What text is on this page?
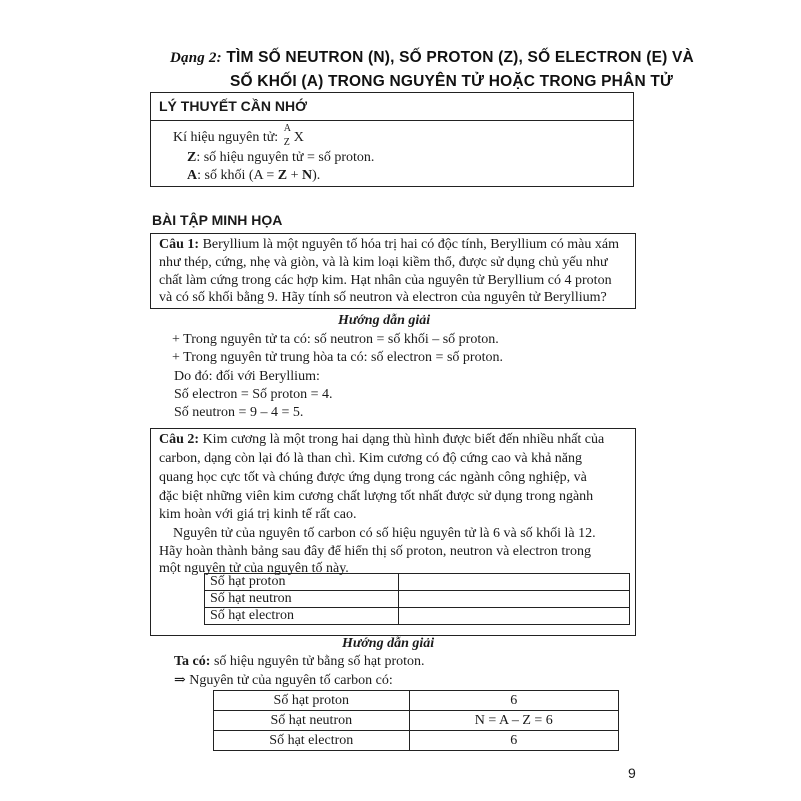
Dạng 2: TÌM SỐ NEUTRON (N), SỐ PROTON (Z), SỐ ELECTRON (E) VÀ
SỐ KHỐI (A) TRONG NGUYÊN TỬ HOẶC TRONG PHÂN TỬ
LÝ THUYẾT CẦN NHỚ
Kí hiệu nguyên tử:
A
Z X
Z: số hiệu nguyên tử = số proton.
A: số khối (A = Z + N).
BÀI TẬP MINH HỌA
Câu 1: Beryllium là một nguyên tố hóa trị hai có độc tính, Beryllium có màu xám
như thép, cứng, nhẹ và giòn, và là kim loại kiềm thổ, được sử dụng chủ yếu như
chất làm cứng trong các hợp kim. Hạt nhân của nguyên tử Beryllium có 4 proton
và có số khối bằng 9. Hãy tính số neutron và electron của nguyên tử Beryllium?
Hướng dẫn giải
+ Trong nguyên tử ta có: số neutron = số khối – số proton.
+ Trong nguyên tử trung hòa ta có: số electron = số proton.
Do đó: đối với Beryllium:
Số electron = Số proton = 4.
Số neutron = 9 – 4 = 5.
Câu 2: Kim cương là một trong hai dạng thù hình được biết đến nhiều nhất của
carbon, dạng còn lại đó là than chì. Kim cương có độ cứng cao và khả năng
quang học cực tốt và chúng được ứng dụng trong các ngành công nghiệp, và
đặc biệt những viên kim cương chất lượng tốt nhất được sử dụng trong ngành
kim hoàn với giá trị kinh tế rất cao.
Nguyên tử của nguyên tố carbon có số hiệu nguyên tử là 6 và số khối là 12.
Hãy hoàn thành bảng sau đây để hiển thị số proton, neutron và electron trong
một nguyên tử của nguyên tố này.
Số hạt proton	
Số hạt neutron	
Số hạt electron	
Hướng dẫn giải
Ta có: số hiệu nguyên tử bằng số hạt proton.
⇒ Nguyên tử của nguyên tố carbon có:
Số hạt proton	6
Số hạt neutron	N = A – Z = 6
Số hạt electron	6
9
